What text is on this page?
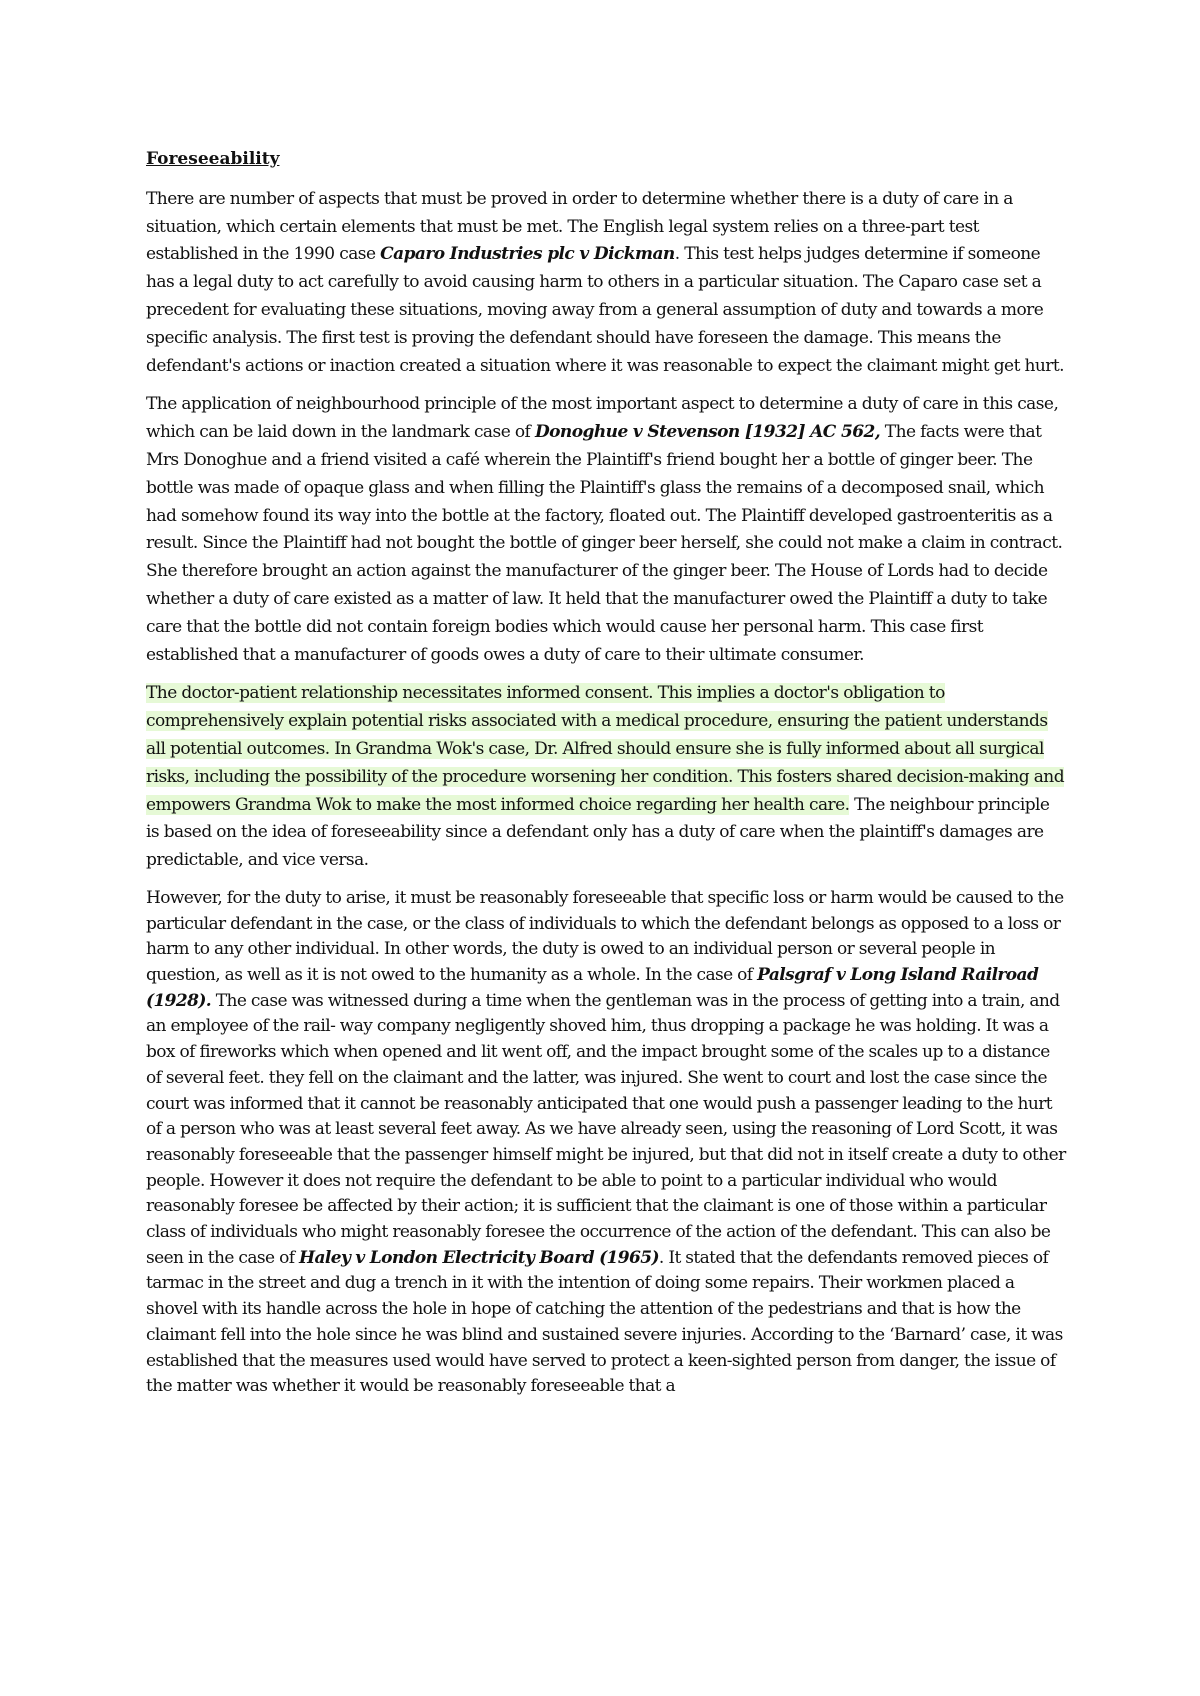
Foreseeability

There are number of aspects that must be proved in order to determine whether there is a duty of care in a situation, which certain elements that must be met. The English legal system relies on a three-part test established in the 1990 case Caparo Industries plc v Dickman. This test helps judges determine if someone has a legal duty to act carefully to avoid causing harm to others in a particular situation. The Caparo case set a precedent for evaluating these situations, moving away from a general assumption of duty and towards a more specific analysis. The first test is proving the defendant should have foreseen the damage. This means the defendant's actions or inaction created a situation where it was reasonable to expect the claimant might get hurt.

The application of neighbourhood principle of the most important aspect to determine a duty of care in this case, which can be laid down in the landmark case of Donoghue v Stevenson [1932] AC 562, The facts were that Mrs Donoghue and a friend visited a café wherein the Plaintiff's friend bought her a bottle of ginger beer. The bottle was made of opaque glass and when filling the Plaintiff's glass the remains of a decomposed snail, which had somehow found its way into the bottle at the factory, floated out. The Plaintiff developed gastroenteritis as a result. Since the Plaintiff had not bought the bottle of ginger beer herself, she could not make a claim in contract. She therefore brought an action against the manufacturer of the ginger beer. The House of Lords had to decide whether a duty of care existed as a matter of law. It held that the manufacturer owed the Plaintiff a duty to take care that the bottle did not contain foreign bodies which would cause her personal harm. This case first established that a manufacturer of goods owes a duty of care to their ultimate consumer.

The doctor-patient relationship necessitates informed consent. This implies a doctor's obligation to comprehensively explain potential risks associated with a medical procedure, ensuring the patient understands all potential outcomes. In Grandma Wok's case, Dr. Alfred should ensure she is fully informed about all surgical risks, including the possibility of the procedure worsening her condition. This fosters shared decision-making and empowers Grandma Wok to make the most informed choice regarding her health care. The neighbour principle is based on the idea of foreseeability since a defendant only has a duty of care when the plaintiff's damages are predictable, and vice versa.

However, for the duty to arise, it must be reasonably foreseeable that specific loss or harm would be caused to the particular defendant in the case, or the class of individuals to which the defendant belongs as opposed to a loss or harm to any other individual. In other words, the duty is owed to an individual person or several people in question, as well as it is not owed to the humanity as a whole. In the case of Palsgraf v Long Island Railroad (1928). The case was witnessed during a time when the gentleman was in the process of getting into a train, and an employee of the rail- way company negligently shoved him, thus dropping a package he was holding. It was a box of fireworks which when opened and lit went off, and the impact brought some of the scales up to a distance of several feet. they fell on the claimant and the latter, was injured. She went to court and lost the case since the court was informed that it cannot be reasonably anticipated that one would push a passenger leading to the hurt of a person who was at least several feet away. As we have already seen, using the reasoning of Lord Scott, it was reasonably foreseeable that the passenger himself might be injured, but that did not in itself create a duty to other people. However it does not require the defendant to be able to point to a particular individual who would reasonably foresee be affected by their action; it is sufficient that the claimant is one of those within a particular class of individuals who might reasonably foresee the occurrence of the action of the defendant. This can also be seen in the case of Haley v London Electricity Board (1965). It stated that the defendants removed pieces of tarmac in the street and dug a trench in it with the intention of doing some repairs. Their workmen placed a shovel with its handle across the hole in hope of catching the attention of the pedestrians and that is how the claimant fell into the hole since he was blind and sustained severe injuries. According to the ‘Barnard’ case, it was established that the measures used would have served to protect a keen-sighted person from danger, the issue of the matter was whether it would be reasonably foreseeable that a
